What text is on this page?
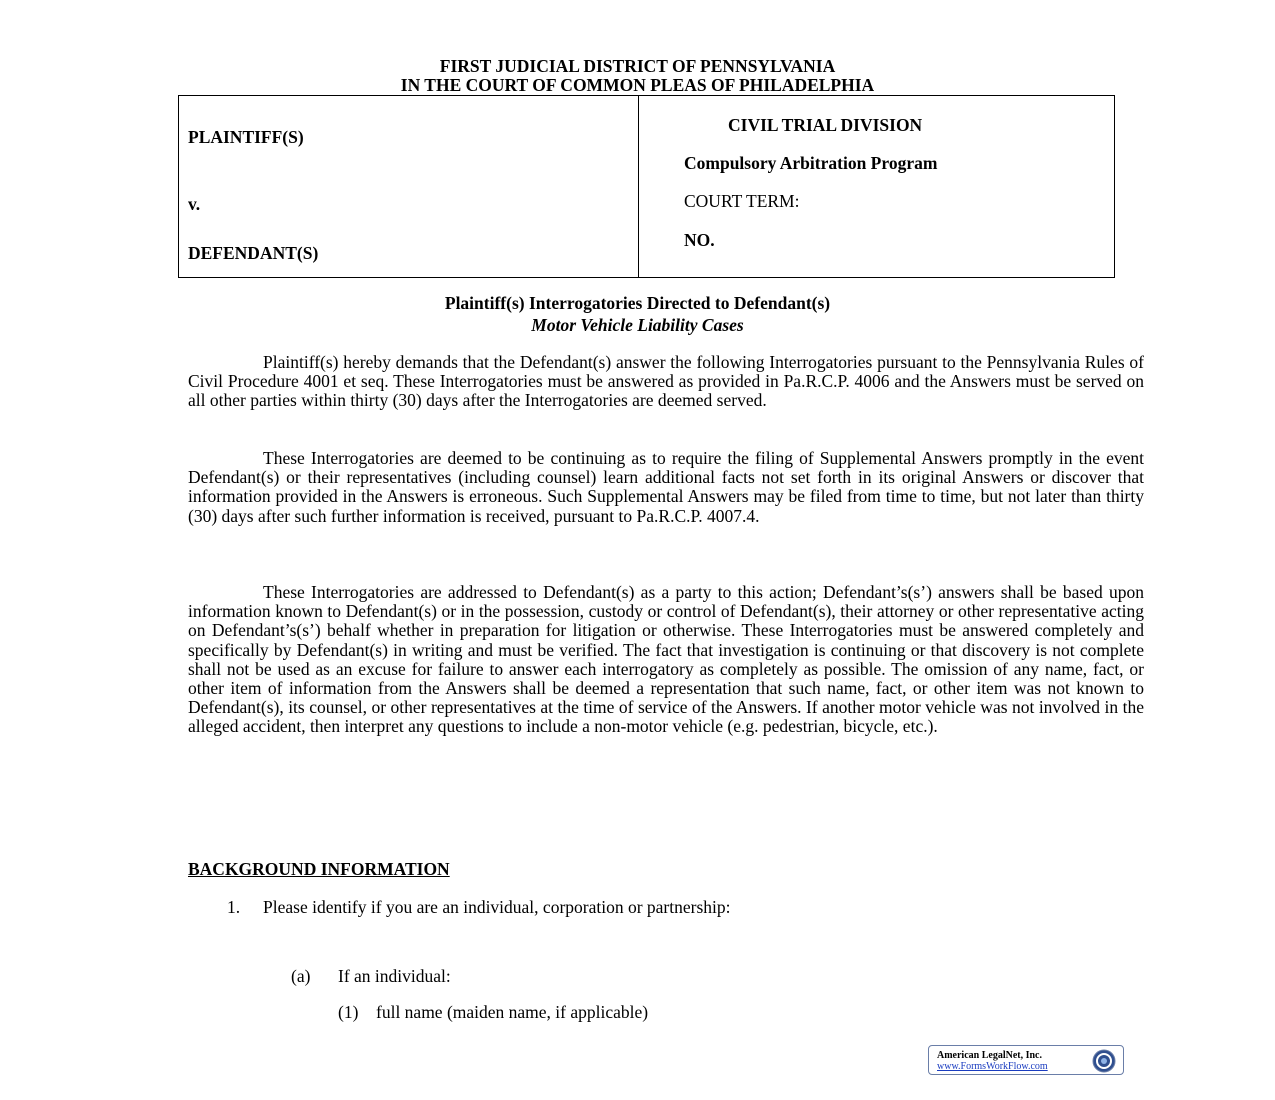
FIRST JUDICIAL DISTRICT OF PENNSYLVANIA
IN THE COURT OF COMMON PLEAS OF PHILADELPHIA
PLAINTIFF(S)
v.
DEFENDANT(S)
CIVIL TRIAL DIVISION
Compulsory Arbitration Program
COURT TERM:
NO.
Plaintiff(s) Interrogatories Directed to Defendant(s)
Motor Vehicle Liability Cases
Plaintiff(s) hereby demands that the Defendant(s) answer the following Interrogatories pursuant to the Pennsylvania Rules of Civil Procedure 4001 et seq. These Interrogatories must be answered as provided in Pa.R.C.P. 4006 and the Answers must be served on all other parties within thirty (30) days after the Interrogatories are deemed served.
These Interrogatories are deemed to be continuing as to require the filing of Supplemental Answers promptly in the event Defendant(s) or their representatives (including counsel) learn additional facts not set forth in its original Answers or discover that information provided in the Answers is erroneous. Such Supplemental Answers may be filed from time to time, but not later than thirty (30) days after such further information is received, pursuant to Pa.R.C.P. 4007.4.
These Interrogatories are addressed to Defendant(s) as a party to this action; Defendant’s(s’) answers shall be based upon information known to Defendant(s) or in the possession, custody or control of Defendant(s), their attorney or other representative acting on Defendant’s(s’) behalf whether in preparation for litigation or otherwise. These Interrogatories must be answered completely and specifically by Defendant(s) in writing and must be verified. The fact that investigation is continuing or that discovery is not complete shall not be used as an excuse for failure to answer each interrogatory as completely as possible. The omission of any name, fact, or other item of information from the Answers shall be deemed a representation that such name, fact, or other item was not known to Defendant(s), its counsel, or other representatives at the time of service of the Answers. If another motor vehicle was not involved in the alleged accident, then interpret any questions to include a non-motor vehicle (e.g. pedestrian, bicycle, etc.).
BACKGROUND INFORMATION
1. Please identify if you are an individual, corporation or partnership:
(a) If an individual:
(1) full name (maiden name, if applicable)
American LegalNet, Inc.
www.FormsWorkFlow.com
